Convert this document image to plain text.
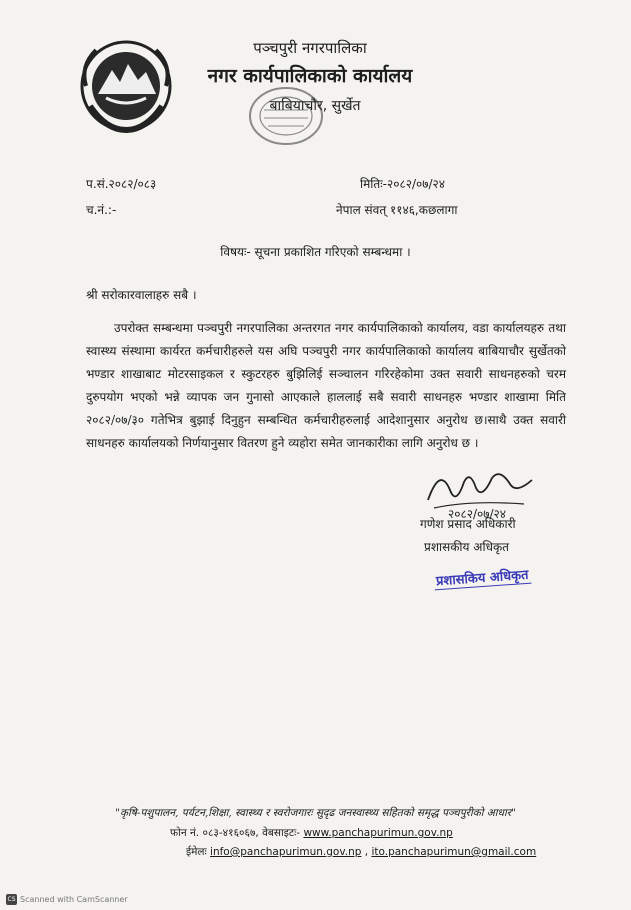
पञ्चपुरी नगरपालिका
नगर कार्यपालिकाको कार्यालय
बाबियाचौर, सुर्खेत
प.सं.२०८२/०८३
च.नं.:-
मितिः-२०८२/०७/२४
नेपाल संवत् ११४६,कछलागा
विषयः- सूचना प्रकाशित गरिएको सम्बन्धमा ।
श्री सरोकारवालाहरु सबै ।
उपरोक्त सम्बन्धमा पञ्चपुरी नगरपालिका अन्तरगत नगर कार्यपालिकाको कार्यालय, वडा कार्यालयहरु तथा स्वास्थ्य संस्थामा कार्यरत कर्मचारीहरुले यस अघि पञ्चपुरी नगर कार्यपालिकाको कार्यालय बाबियाचौर सुर्खेतको भण्डार शाखाबाट मोटरसाइकल र स्कुटरहरु बुझिलिई सञ्चालन गरिरहेकोमा उक्त सवारी साधनहरुको चरम दुरुपयोग भएको भन्ने व्यापक जन गुनासो आएकाले हाललाई सबै सवारी साधनहरु भण्डार शाखामा मिति २०८२/०७/३० गतेभित्र बुझाई दिनुहुन सम्बन्धित कर्मचारीहरुलाई आदेशानुसार अनुरोध छ।साथै उक्त सवारी साधनहरु कार्यालयको निर्णयानुसार वितरण हुने व्यहोरा समेत जानकारीका लागि अनुरोध छ ।
२०८२/०७/२४
गणेश प्रसाद अधिकारी
प्रशासकीय अधिकृत
प्रशासकिय अधिकृत
"कृषि-पशुपालन, पर्यटन,शिक्षा, स्वास्थ्य र स्वरोजगारः सुदृढ जनस्वास्थ्य सहितको समृद्ध पञ्चपुरीको आधार"
फोन नं. ०८३-४१६०६७, वेबसाइटः- www.panchapurimun.gov.np
ईमेलः info@panchapurimun.gov.np , ito.panchapurimun@gmail.com
CS Scanned with CamScanner
